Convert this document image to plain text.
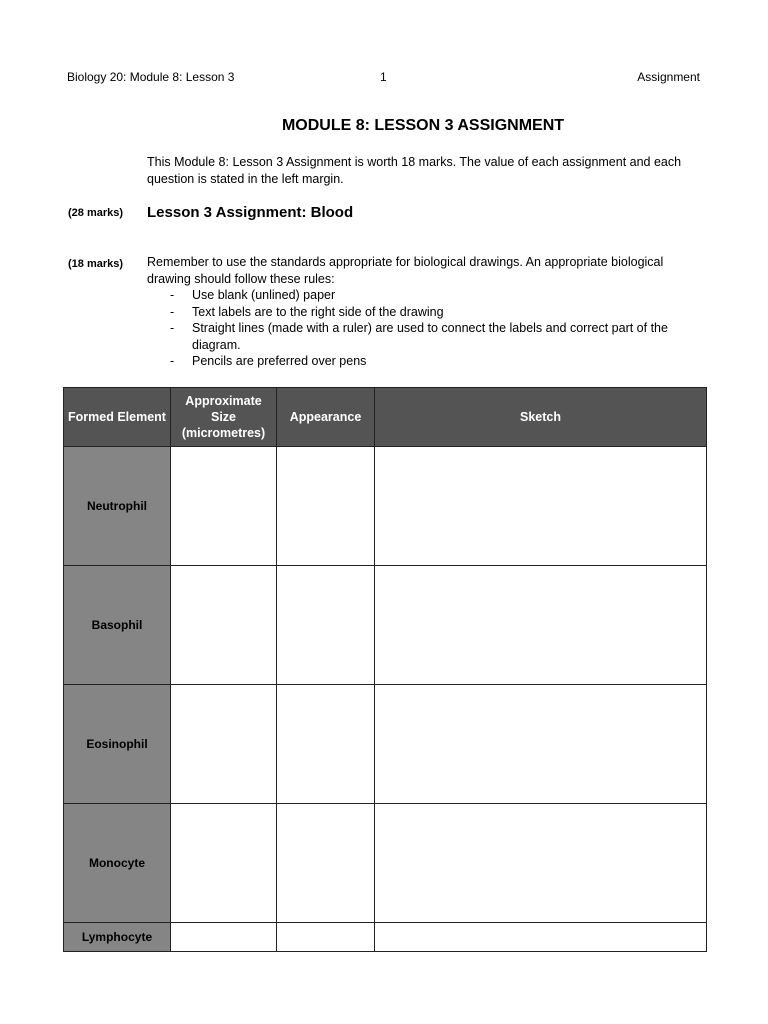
Biology 20: Module 8: Lesson 3	1	Assignment
MODULE 8: LESSON 3 ASSIGNMENT

This Module 8: Lesson 3 Assignment is worth 18 marks. The value of each assignment and each question is stated in the left margin.

(28 marks) Lesson 3 Assignment: Blood
(18 marks) Remember to use the standards appropriate for biological drawings. An appropriate biological drawing should follow these rules:
- Use blank (unlined) paper
- Text labels are to the right side of the drawing
- Straight lines (made with a ruler) are used to connect the labels and correct part of the diagram.
- Pencils are preferred over pens
Formed Element	Approximate Size (micrometres)	Appearance	Sketch
Neutrophil			
Basophil			
Eosinophil			
Monocyte			
Lymphocyte			
